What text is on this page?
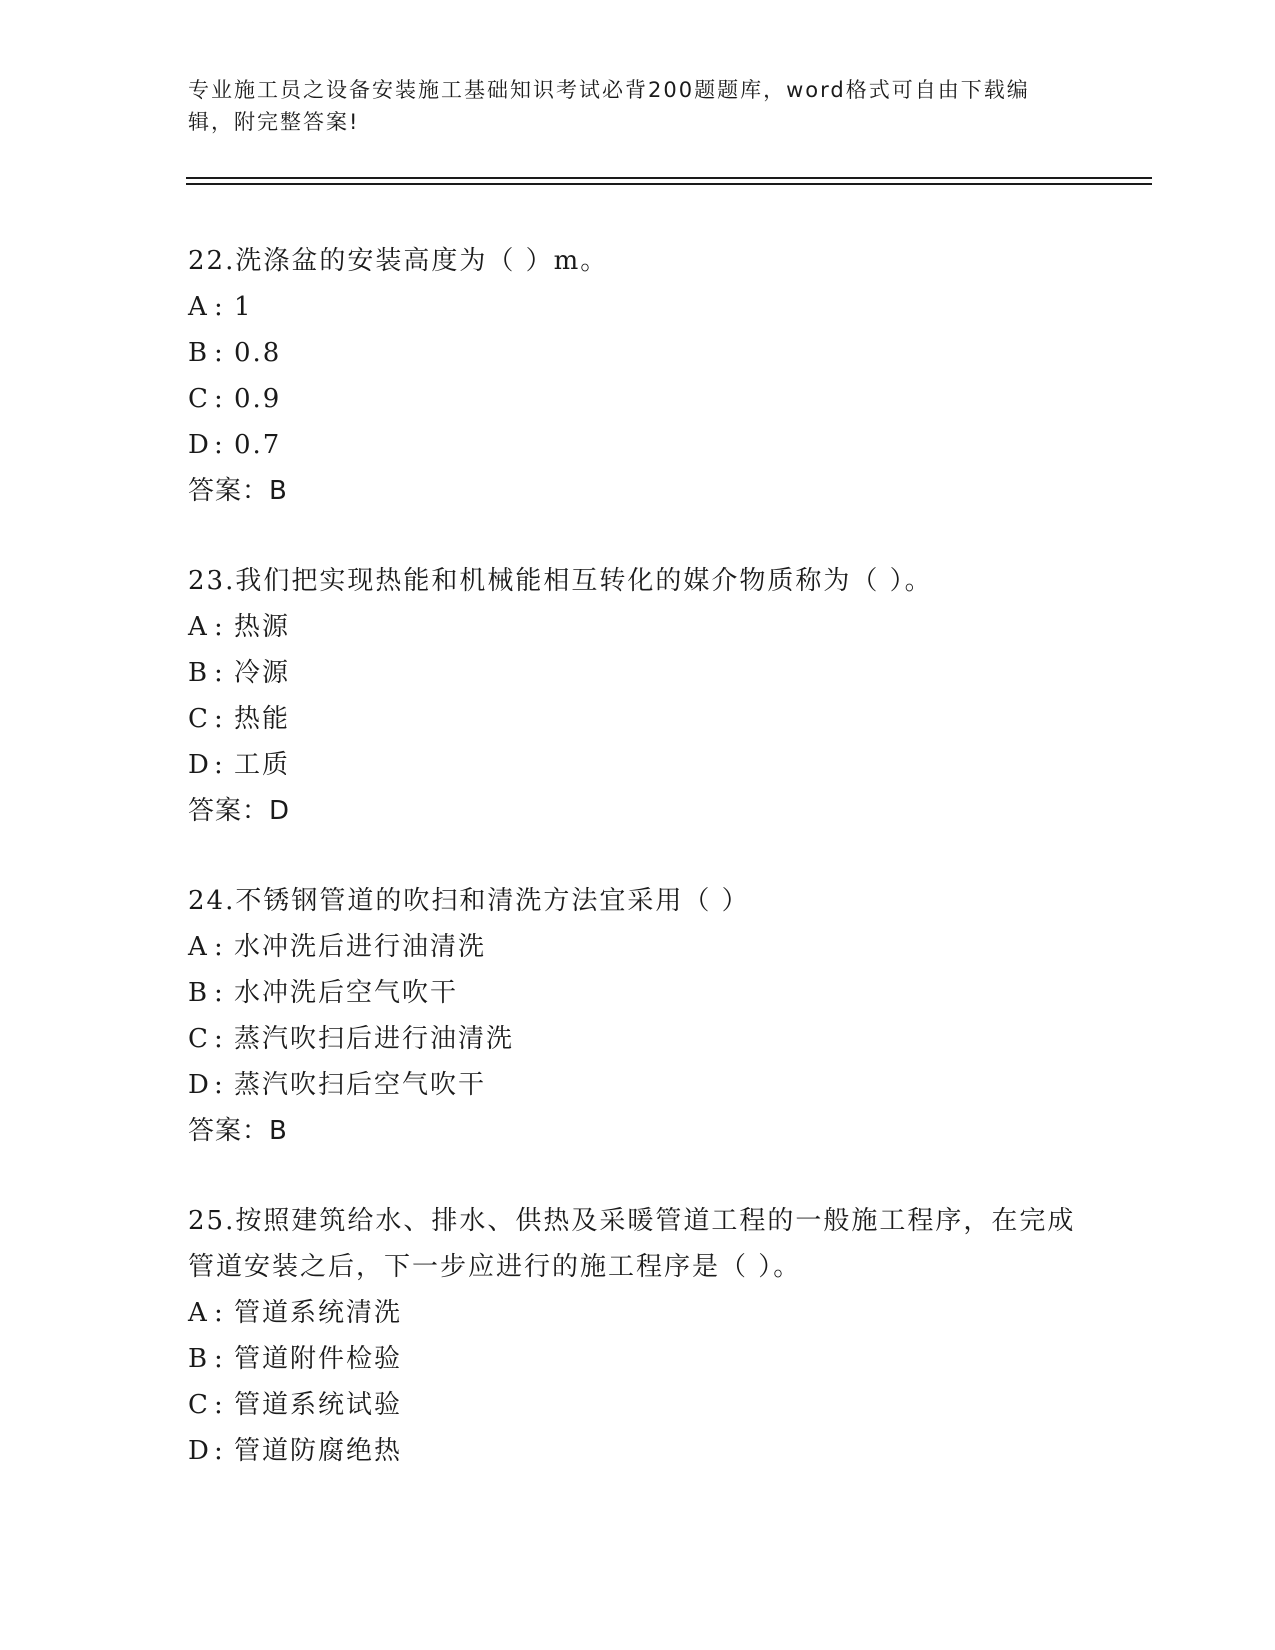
专业施工员之设备安装施工基础知识考试必背200题题库，word格式可自由下载编辑，附完整答案!

22.洗涤盆的安装高度为（ ）m。

A : 1

B : 0.8

C : 0.9

D : 0.7

答案：B

23.我们把实现热能和机械能相互转化的媒介物质称为（ ）。

A : 热源

B : 冷源

C : 热能

D : 工质

答案：D

24.不锈钢管道的吹扫和清洗方法宜采用（ ）

A : 水冲洗后进行油清洗

B : 水冲洗后空气吹干

C : 蒸汽吹扫后进行油清洗

D : 蒸汽吹扫后空气吹干

答案：B

25.按照建筑给水、排水、供热及采暖管道工程的一般施工程序，在完成管道安装之后，下一步应进行的施工程序是（ ）。

A : 管道系统清洗

B : 管道附件检验

C : 管道系统试验

D : 管道防腐绝热
